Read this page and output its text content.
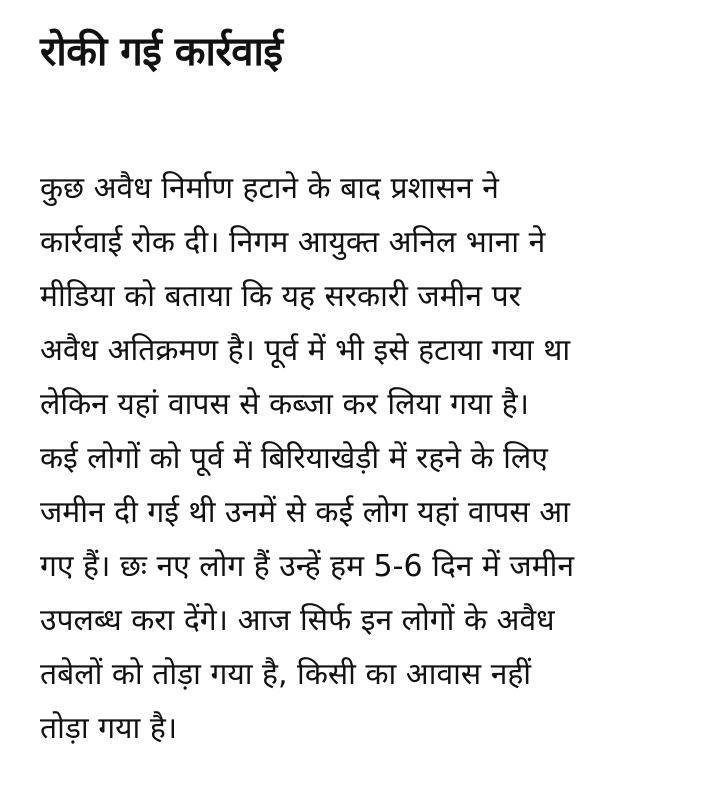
रोकी गई कार्रवाई
कुछ अवैध निर्माण हटाने के बाद प्रशासन ने
कार्रवाई रोक दी। निगम आयुक्त अनिल भाना ने
मीडिया को बताया कि यह सरकारी जमीन पर
अवैध अतिक्रमण है। पूर्व में भी इसे हटाया गया था
लेकिन यहां वापस से कब्जा कर लिया गया है।
कई लोगों को पूर्व में बिरियाखेड़ी में रहने के लिए
जमीन दी गई थी उनमें से कई लोग यहां वापस आ
गए हैं। छः नए लोग हैं उन्हें हम 5-6 दिन में जमीन
उपलब्ध करा देंगे। आज सिर्फ इन लोगों के अवैध
तबेलों को तोड़ा गया है, किसी का आवास नहीं
तोड़ा गया है।
